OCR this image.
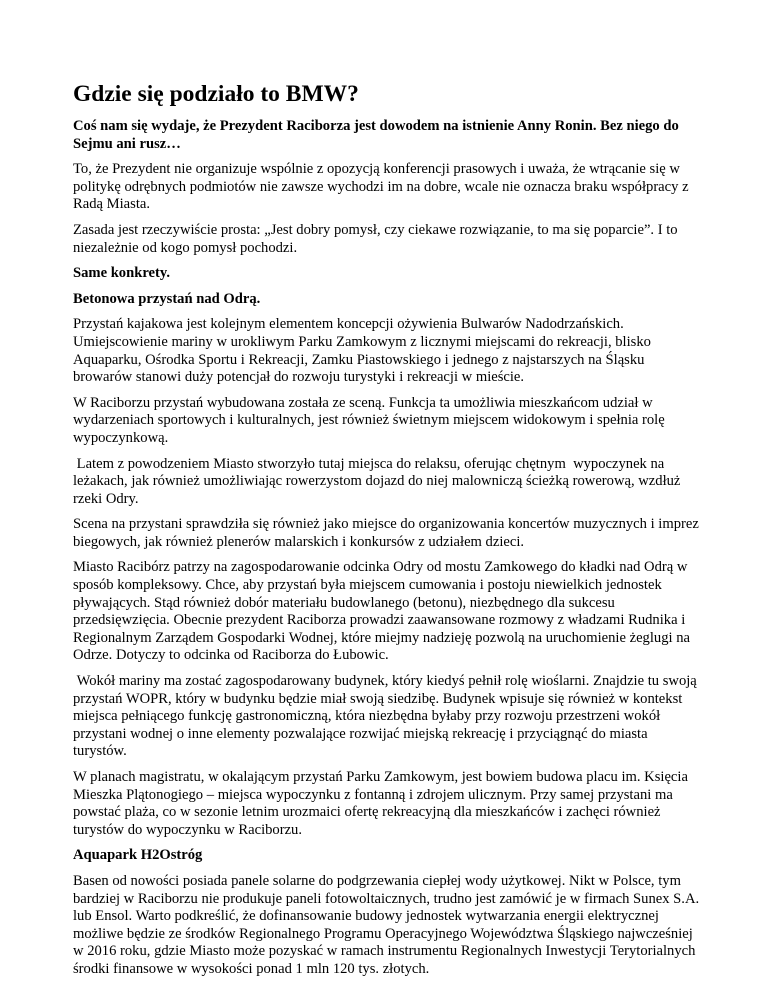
Gdzie się podziało to BMW?

Coś nam się wydaje, że Prezydent Raciborza jest dowodem na istnienie Anny Ronin. Bez niego do Sejmu ani rusz…

To, że Prezydent nie organizuje wspólnie z opozycją konferencji prasowych i uważa, że wtrącanie się w politykę odrębnych podmiotów nie zawsze wychodzi im na dobre, wcale nie oznacza braku współpracy z Radą Miasta.

Zasada jest rzeczywiście prosta: „Jest dobry pomysł, czy ciekawe rozwiązanie, to ma się poparcie”. I to niezależnie od kogo pomysł pochodzi.

Same konkrety.

Betonowa przystań nad Odrą.

Przystań kajakowa jest kolejnym elementem koncepcji ożywienia Bulwarów Nadodrzańskich. Umiejscowienie mariny w urokliwym Parku Zamkowym z licznymi miejscami do rekreacji, blisko Aquaparku, Ośrodka Sportu i Rekreacji, Zamku Piastowskiego i jednego z najstarszych na Śląsku browarów stanowi duży potencjał do rozwoju turystyki i rekreacji w mieście.

W Raciborzu przystań wybudowana została ze sceną. Funkcja ta umożliwia mieszkańcom udział w wydarzeniach sportowych i kulturalnych, jest również świetnym miejscem widokowym i spełnia rolę wypoczynkową.

Latem z powodzeniem Miasto stworzyło tutaj miejsca do relaksu, oferując chętnym  wypoczynek na leżakach, jak również umożliwiając rowerzystom dojazd do niej malowniczą ścieżką rowerową, wzdłuż rzeki Odry.

Scena na przystani sprawdziła się również jako miejsce do organizowania koncertów muzycznych i imprez biegowych, jak również plenerów malarskich i konkursów z udziałem dzieci.

Miasto Racibórz patrzy na zagospodarowanie odcinka Odry od mostu Zamkowego do kładki nad Odrą w sposób kompleksowy. Chce, aby przystań była miejscem cumowania i postoju niewielkich jednostek pływających. Stąd również dobór materiału budowlanego (betonu), niezbędnego dla sukcesu przedsięwzięcia. Obecnie prezydent Raciborza prowadzi zaawansowane rozmowy z władzami Rudnika i Regionalnym Zarządem Gospodarki Wodnej, które miejmy nadzieję pozwolą na uruchomienie żeglugi na Odrze. Dotyczy to odcinka od Raciborza do Łubowic.

Wokół mariny ma zostać zagospodarowany budynek, który kiedyś pełnił rolę wioślarni. Znajdzie tu swoją przystań WOPR, który w budynku będzie miał swoją siedzibę. Budynek wpisuje się również w kontekst miejsca pełniącego funkcję gastronomiczną, która niezbędna byłaby przy rozwoju przestrzeni wokół przystani wodnej o inne elementy pozwalające rozwijać miejską rekreację i przyciągnąć do miasta turystów.

W planach magistratu, w okalającym przystań Parku Zamkowym, jest bowiem budowa placu im. Księcia Mieszka Plątonogiego – miejsca wypoczynku z fontanną i zdrojem ulicznym. Przy samej przystani ma powstać plaża, co w sezonie letnim urozmaici ofertę rekreacyjną dla mieszkańców i zachęci również turystów do wypoczynku w Raciborzu.

Aquapark H2Ostróg

Basen od nowości posiada panele solarne do podgrzewania ciepłej wody użytkowej. Nikt w Polsce, tym bardziej w Raciborzu nie produkuje paneli fotowoltaicznych, trudno jest zamówić je w firmach Sunex S.A. lub Ensol. Warto podkreślić, że dofinansowanie budowy jednostek wytwarzania energii elektrycznej możliwe będzie ze środków Regionalnego Programu Operacyjnego Województwa Śląskiego najwcześniej w 2016 roku, gdzie Miasto może pozyskać w ramach instrumentu Regionalnych Inwestycji Terytorialnych środki finansowe w wysokości ponad 1 mln 120 tys. złotych.
